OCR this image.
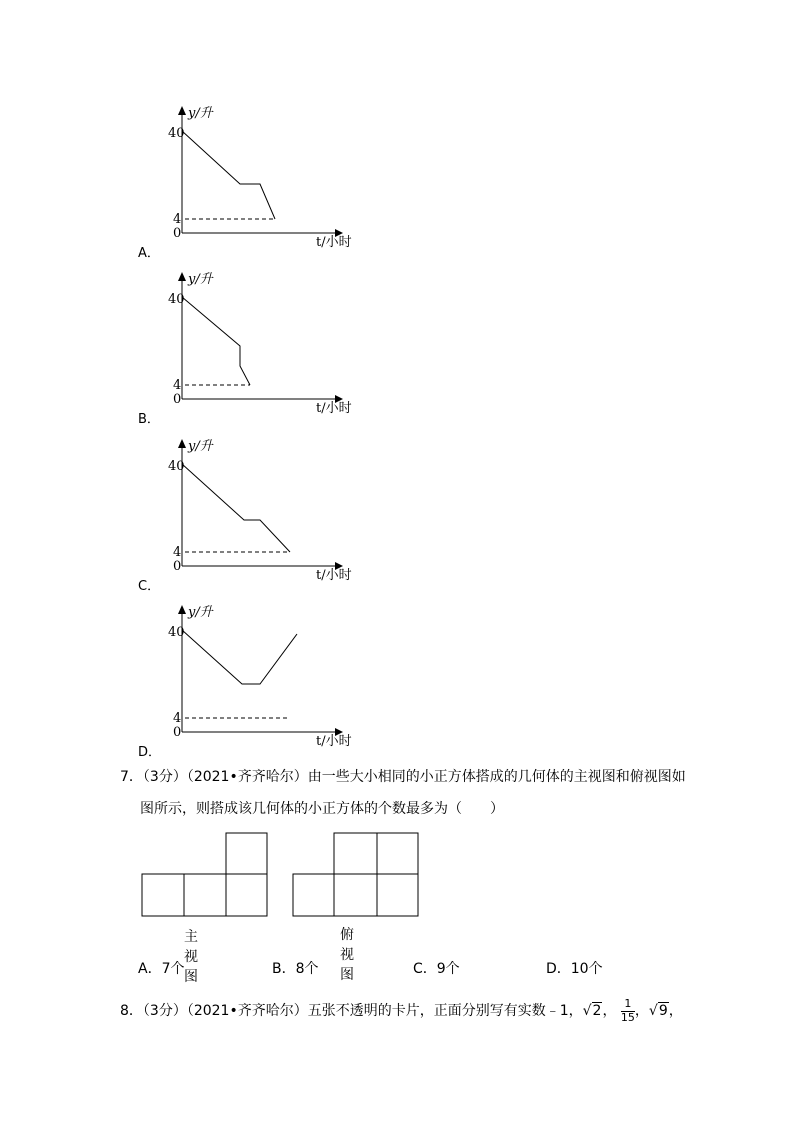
y/升
40
4
0
t/小时
A．
y/升
40
4
0
t/小时
B．
y/升
40
4
0
t/小时
C．
y/升
40
4
0
t/小时
D．
7．（3分）（2021•齐齐哈尔）由一些大小相同的小正方体搭成的几何体的主视图和俯视图如
图所示，则搭成该几何体的小正方体的个数最多为（　　）
主视图
俯视图
A．7个	B．8个	C．9个	D．10个
8．（3分）（2021•齐齐哈尔）五张不透明的卡片，正面分别写有实数﹣1，√2， $\frac{1}{15}$ ，√9，
